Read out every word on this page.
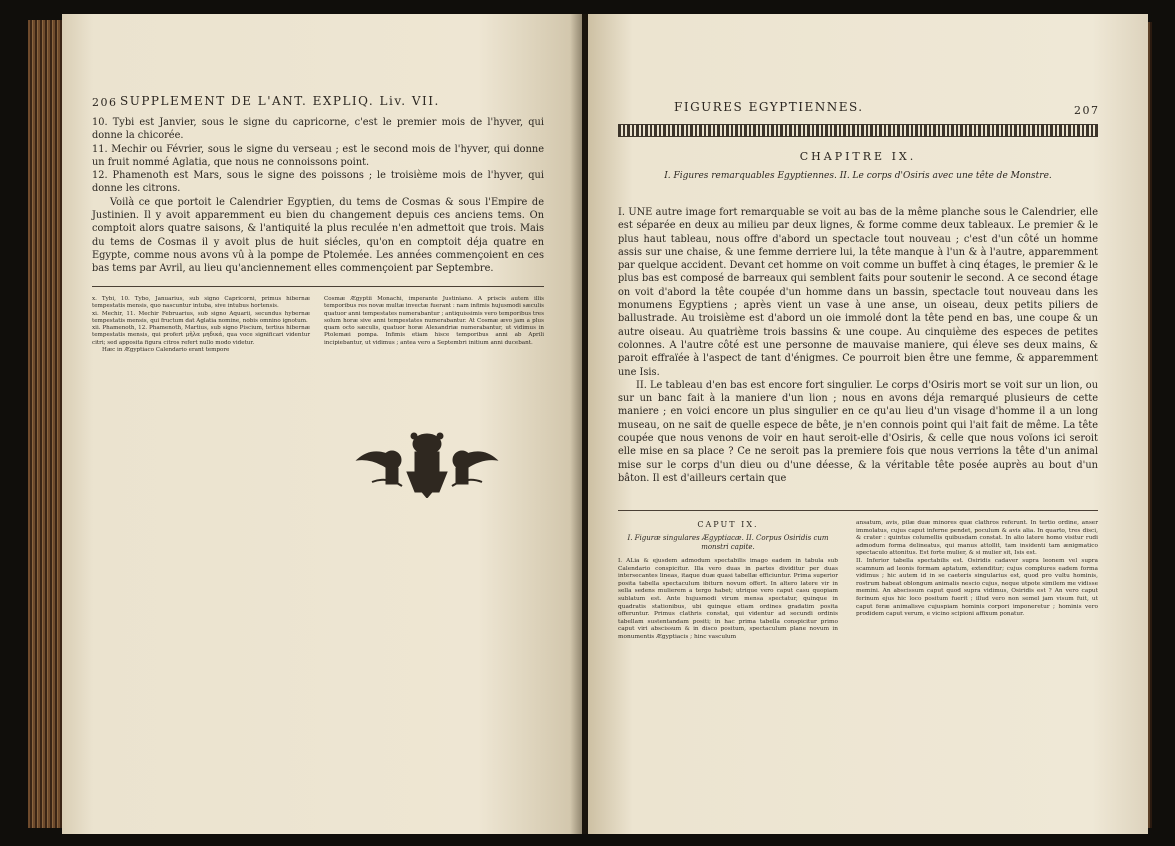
206 SUPPLEMENT DE L'ANT. EXPLIQ. Liv. VII.

10. Tybi est Janvier, sous le signe du capricorne, c'est le premier mois de l'hyver, qui donne la chicorée.

11. Mechir ou Février, sous le signe du verseau ; est le second mois de l'hyver, qui donne un fruit nommé Aglatia, que nous ne connoissons point.

12. Phamenoth est Mars, sous le signe des poissons ; le troisième mois de l'hyver, qui donne les citrons.

Voilà ce que portoit le Calendrier Egyptien, du tems de Cosmas & sous l'Empire de Justinien. Il y avoit apparemment eu bien du changement depuis ces anciens tems. On comptoit alors quatre saisons, & l'antiquité la plus reculée n'en admettoit que trois. Mais du tems de Cosmas il y avoit plus de huit siécles, qu'on en comptoit déja quatre en Egypte, comme nous avons vû à la pompe de Ptolemée. Les années commençoient en ces bas tems par Avril, au lieu qu'anciennement elles commençoient par Septembre.

x. Tybi, 10. Tybo, Januarius, sub signo Capricorni, primus hibernæ tempestatis mensis, quo nascuntur intuba, sive intubus hortensis.

xi. Mechir, 11. Mechir Februarius, sub signo Aquarii, secundus hybernæ tempestatis mensis, qui fructum dat Aglatia nomine, nobis omnino ignotum.

xii. Phamenoth, 12. Phamenoth, Martius, sub signo Piscium, tertius hibernæ tempestatis mensis, qui profert μῆλα μηδικά, qua voce significari videntur citri; sed apposita figura citros refert nullo modo videtur.

Hæc in Ægyptiaco Calendario erant tempore

Cosmæ Ægyptii Monachi, imperante Justiniano. A priscis autem illis temporibus res novæ multæ invectæ fuerant : nam infimis hujusmodi sæculis quatuor anni tempestates numerabantur ; antiquissimis vero temporibus tres solum horæ sive anni tempestates numerabantur. At Cosmæ ævo jam a plus quam octo sæculis, quatuor horæ Alexandriæ numerabantur, ut vidimus in Ptolemæi pompa. Infimis etiam hisce temporibus anni ab Aprili incipiebantur, ut vidimus ; antea vero a Septembri initium anni ducebant.
FIGURES EGYPTIENNES.	207
CHAPITRE IX.
I. Figures remarquables Egyptiennes. II. Le corps d'Osiris avec une tête de Monstre.

I. UNE autre image fort remarquable se voit au bas de la même planche sous le Calendrier, elle est séparée en deux au milieu par deux lignes, & forme comme deux tableaux. Le premier & le plus haut tableau, nous offre d'abord un spectacle tout nouveau ; c'est d'un côté un homme assis sur une chaise, & une femme derriere lui, la tête manque à l'un & à l'autre, apparemment par quelque accident. Devant cet homme on voit comme un buffet à cinq étages, le premier & le plus bas est composé de barreaux qui semblent faits pour soutenir le second. A ce second étage on voit d'abord la tête coupée d'un homme dans un bassin, spectacle tout nouveau dans les monumens Egyptiens ; après vient un vase à une anse, un oiseau, deux petits piliers de ballustrade. Au troisième est d'abord un oie immolé dont la tête pend en bas, une coupe & un autre oiseau. Au quatrième trois bassins & une coupe. Au cinquième des especes de petites colonnes. A l'autre côté est une personne de mauvaise maniere, qui éleve ses deux mains, & paroit effraïée à l'aspect de tant d'énigmes. Ce pourroit bien être une femme, & apparemment une Isis.

II. Le tableau d'en bas est encore fort singulier. Le corps d'Osiris mort se voit sur un lion, ou sur un banc fait à la maniere d'un lion ; nous en avons déja remarqué plusieurs de cette maniere ; en voici encore un plus singulier en ce qu'au lieu d'un visage d'homme il a un long museau, on ne sait de quelle espece de bête, je n'en connois point qui l'ait fait de même. La tête coupée que nous venons de voir en haut seroit-elle d'Osiris, & celle que nous voïons ici seroit elle mise en sa place ? Ce ne seroit pas la premiere fois que nous verrions la tête d'un animal mise sur le corps d'un dieu ou d'une déesse, & la véritable tête posée auprès au bout d'un bâton. Il est d'ailleurs certain que

CAPUT IX.
I. Figuræ singulares Ægyptiacæ. II. Corpus Osiridis cum monstri capite.
I. ALia & ejusdem admodum spectabilis imago eadem in tabula sub Calendario conspicitur. Illa vero duas in partes dividitur per duas intersecantes lineas, itaque duæ quasi tabellæ efficiuntur. Prima superior posita tabella spectaculum ibiturn novum offert. In altero latere vir in sella sedens mulierem a tergo habet; utrique vero caput casu quopiam sublatum est. Ante hujusmodi virum mensa spectatur, quinque in quadratis stationibus, ubi quinque etiam ordines gradatim posita offeruntur. Primus clathris constat, qui videntur ad secundi ordinis tabellam sustentandam positi; in hac prima tabella conspicitur primo caput viri abscissum & in disco positum, spectaculum plane novum in monumentis Ægyptiacis ; hinc vasculum
ansatum, avis, pilæ duæ minores quæ clathros referunt. In tertio ordine, anser immolatus, cujus caput inferne pendet, poculum & avis alia. In quarto, tres disci, & crater : quintus columellis quibusdam constat. In alio latere homo visitur rudi admodum forma delineatus, qui manus attollit, tam insidenti tam ænigmatico spectaculo attonitus. Est forte mulier, & si mulier sit, Isis est.
II. Inferior tabella spectabilis est. Osiridis cadaver supra leonem vel supra scamnum ad leonis formam aptatum, extenditur; cujus complures eadem forma vidimus ; hic autem id in se caeteris singularius est, quod pro vultu hominis, rostrum habeat oblongum animalis nescio cujus, neque utpote similem me vidisse memini. An abscissum caput quod supra vidimus, Osiridis est ? An vero caput ferinum ejus hic loco positum fuerit ; illud vero non semel jam visum fuit, ut caput feræ animalisve cujuspiam hominis corpori imponeretur ; hominis vero prodidem caput verum, e vicino scipioni affixum ponatur.
